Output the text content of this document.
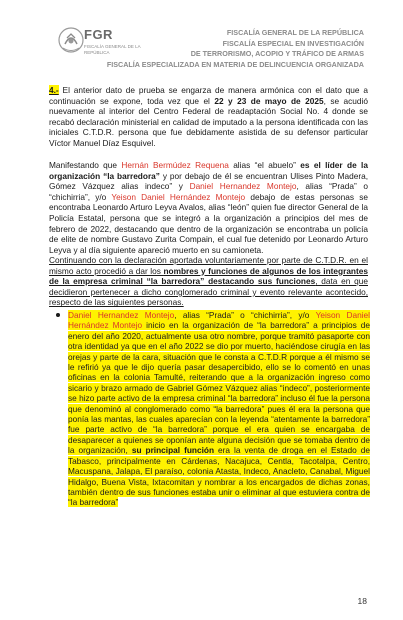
FGR
FISCALÍA GENERAL DE LA REPÚBLICA
FISCALÍA GENERAL DE LA REPÚBLICA
FISCALÍA ESPECIAL EN INVESTIGACIÓN
DE TERRORISMO, ACOPIO Y TRÁFICO DE ARMAS
FISCALÍA ESPECIALIZADA EN MATERIA DE DELINCUENCIA ORGANIZADA
4.- El anterior dato de prueba se engarza de manera armónica con el dato que a continuación se expone, toda vez que el 22 y 23 de mayo de 2025, se acudió nuevamente al interior del Centro Federal de readaptación Social No. 4 donde se recabó declaración ministerial en calidad de imputado a la persona identificada con las iniciales C.T.D.R. persona que fue debidamente asistida de su defensor particular Víctor Manuel Díaz Esquivel.
Manifestando que Hernán Bermúdez Requena alias “el abuelo” es el líder de la organización “la barredora” y por debajo de él se encuentran Ulises Pinto Madera, Gómez Vázquez alias indeco” y Daniel Hernandez Montejo, alias “Prada” o “chichirria”, y/o Yeison Daniel Hernández Montejo debajo de estas personas se encontraba Leonardo Arturo Leyva Avalos, alias “león” quien fue director General de la Policía Estatal, persona que se integró a la organización a principios del mes de febrero de 2022, destacando que dentro de la organización se encontraba un policía de elite de nombre Gustavo Zurita Compain, el cual fue detenido por Leonardo Arturo Leyva y al día siguiente apareció muerto en su camioneta.
Continuando con la declaración aportada voluntariamente por parte de C.T.D.R. en el mismo acto procedió a dar los nombres y funciones de algunos de los integrantes de la empresa criminal “la barredora” destacando sus funciones, data en que decidieron pertenecer a dicho conglomerado criminal y evento relevante acontecido, respecto de las siguientes personas.
Daniel Hernandez Montejo, alias “Prada” o “chichirria”, y/o Yeison Daniel Hernández Montejo inicio en la organización de “la barredora” a principios de enero del año 2020, actualmente usa otro nombre, porque tramitó pasaporte con otra identidad ya que en el año 2022 se dio por muerto, haciéndose cirugía en las orejas y parte de la cara, situación que le consta a C.T.D.R porque a él mismo se le refirió ya que le dijo quería pasar desapercibido, ello se lo comentó en unas oficinas en la colonia Tamulté, reiterando que a la organización ingreso como sicario y brazo armado de Gabriel Gómez Vázquez alias “indeco”, posteriormente se hizo parte activo de la empresa criminal “la barredora” incluso él fue la persona que denominó al conglomerado como “la barredora” pues él era la persona que ponía las mantas, las cuales aparecían con la leyenda “atentamente la barredora” fue parte activo de “la barredora” porque el era quien se encargaba de desaparecer a quienes se oponían ante alguna decisión que se tomaba dentro de la organización, su principal función era la venta de droga en el Estado de Tabasco, principalmente en Cárdenas, Nacajuca, Centla, Tacotalpa, Centro, Macuspana, Jalapa, El paraíso, colonia Atasta, Indeco, Anacleto, Canabal, Miguel Hidalgo, Buena Vista, Ixtacomitan y nombrar a los encargados de dichas zonas, también dentro de sus funciones estaba unir o eliminar al que estuviera contra de “la barredora”
18
